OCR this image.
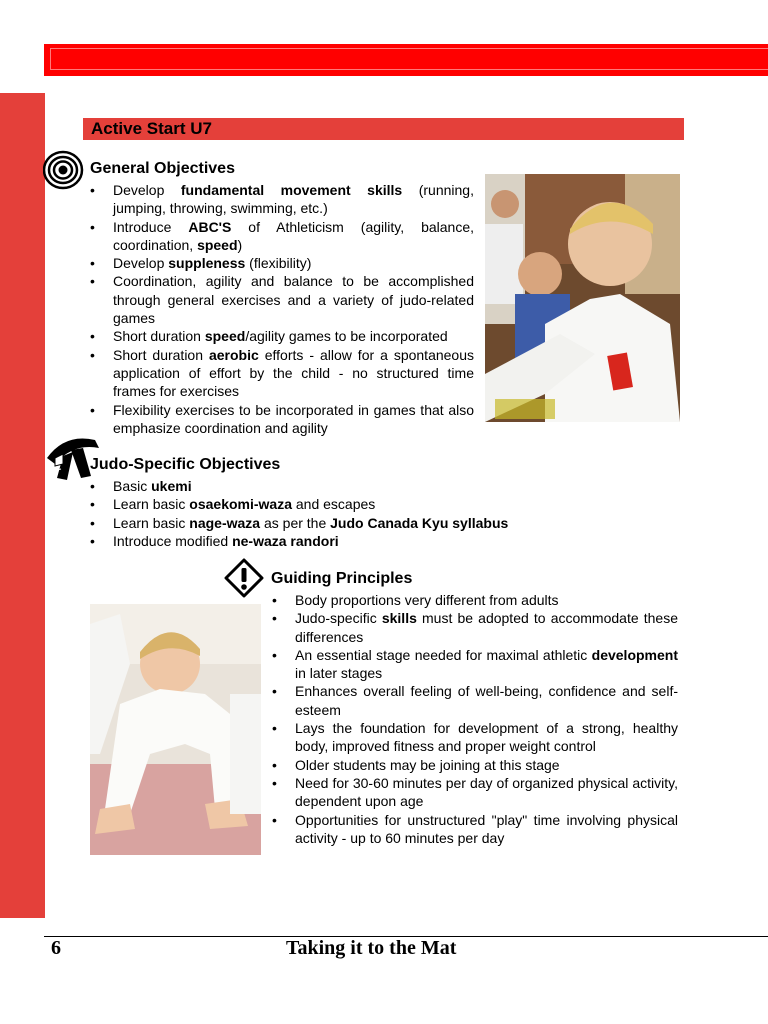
Active Start U7
General Objectives
• Develop fundamental movement skills (running, jumping, throwing, swimming, etc.)
• Introduce ABC'S of Athleticism (agility, balance, coordination, speed)
• Develop suppleness (flexibility)
• Coordination, agility and balance to be accomplished through general exercises and a variety of judo-related games
• Short duration speed/agility games to be incorporated
• Short duration aerobic efforts - allow for a spontaneous application of effort by the child - no structured time frames for exercises
• Flexibility exercises to be incorporated in games that also emphasize coordination and agility
Judo-Specific Objectives
• Basic ukemi
• Learn basic osaekomi-waza and escapes
• Learn basic nage-waza as per the Judo Canada Kyu syllabus
• Introduce modified ne-waza randori
Guiding Principles
• Body proportions very different from adults
• Judo-specific skills must be adopted to accommodate these differences
• An essential stage needed for maximal athletic development in later stages
• Enhances overall feeling of well-being, confidence and self-esteem
• Lays the foundation for development of a strong, healthy body, improved fitness and proper weight control
• Older students may be joining at this stage
• Need for 30-60 minutes per day of organized physical activity, dependent upon age
• Opportunities for unstructured "play" time involving physical activity - up to 60 minutes per day
6	Taking it to the Mat
